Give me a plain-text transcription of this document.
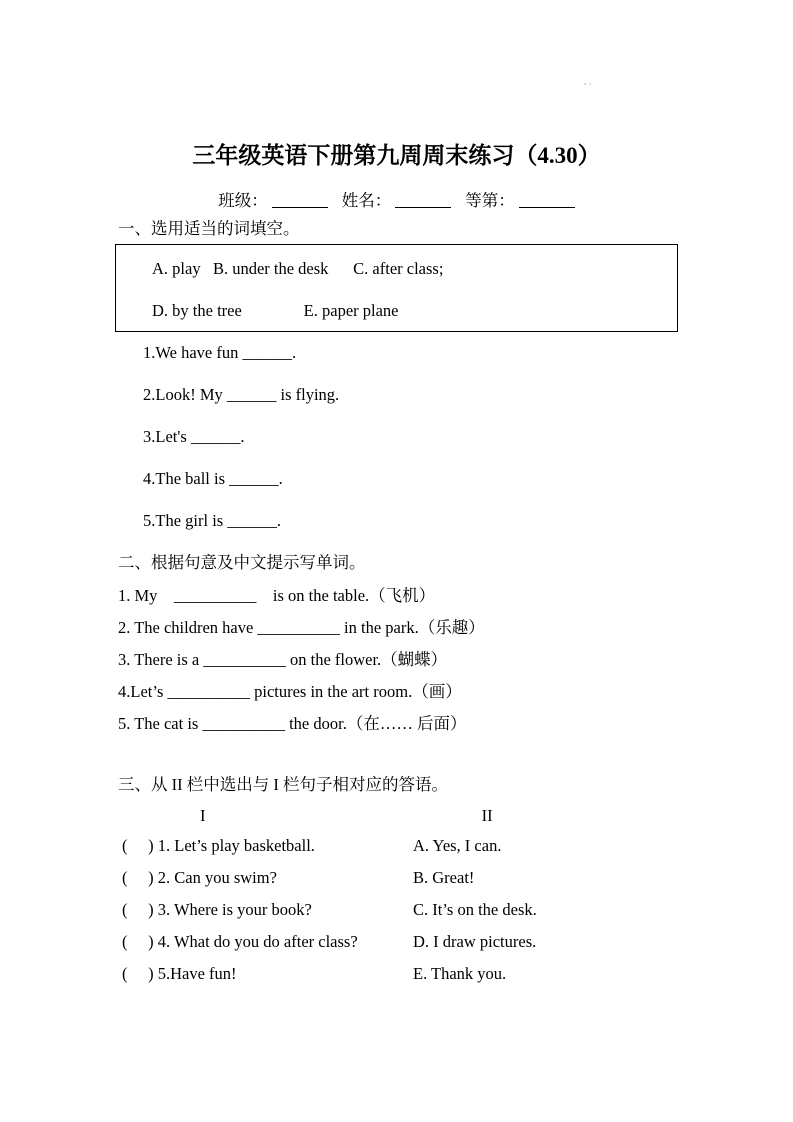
三年级英语下册第九周周末练习（4.30）
班级：	姓名：	等第：
一、选用适当的词填空。
A. play   B. under the desk      C. after class;
D. by the tree               E. paper plane
1.We have fun ______.
2.Look! My ______ is flying.
3.Let's ______.
4.The ball is ______.
5.The girl is ______.
二、根据句意及中文提示写单词。
1. My    __________    is on the table.（飞机）
2. The children have __________ in the park.（乐趣）
3. There is a __________ on the flower.（蝴蝶）
4.Let’s __________ pictures in the art room.（画）
5. The cat is __________ the door.（在…… 后面）
三、从 II 栏中选出与 I 栏句子相对应的答语。
I	II
(     ) 1. Let’s play basketball.	A. Yes, I can.
(     ) 2. Can you swim?	B. Great!
(     ) 3. Where is your book?	C. It’s on the desk.
(     ) 4. What do you do after class?	D. I draw pictures.
(     ) 5.Have fun!	E. Thank you.
